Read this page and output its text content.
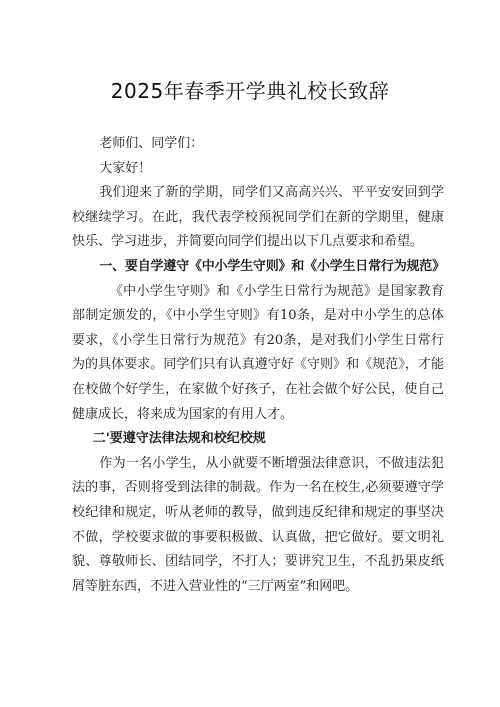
2025年春季开学典礼校长致辞

老师们、同学们：

大家好！

我们迎来了新的学期，同学们又高高兴兴、平平安安回到学校继续学习。在此，我代表学校预祝同学们在新的学期里，健康快乐、学习进步，并简要向同学们提出以下几点要求和希望。

一、要自学遵守《中小学生守则》和《小学生日常行为规范》

《中小学生守则》和《小学生日常行为规范》是国家教育部制定颁发的，《中小学生守则》有10条，是对中小学生的总体要求，《小学生日常行为规范》有20条，是对我们小学生日常行为的具体要求。同学们只有认真遵守好《守则》和《规范》，才能在校做个好学生，在家做个好孩子，在社会做个好公民，使自己健康成长，将来成为国家的有用人才。

二'要遵守法律法规和校纪校规

作为一名小学生，从小就要不断增强法律意识，不做违法犯法的事，否则将受到法律的制裁。作为一名在校生,必须要遵守学校纪律和规定，听从老师的教导，做到违反纪律和规定的事坚决不做，学校要求做的事要积极做、认真做，把它做好。要文明礼貌、尊敬师长、团结同学，不打人；要讲究卫生，不乱扔果皮纸屑等脏东西，不进入营业性的“三厅两室”和网吧。
